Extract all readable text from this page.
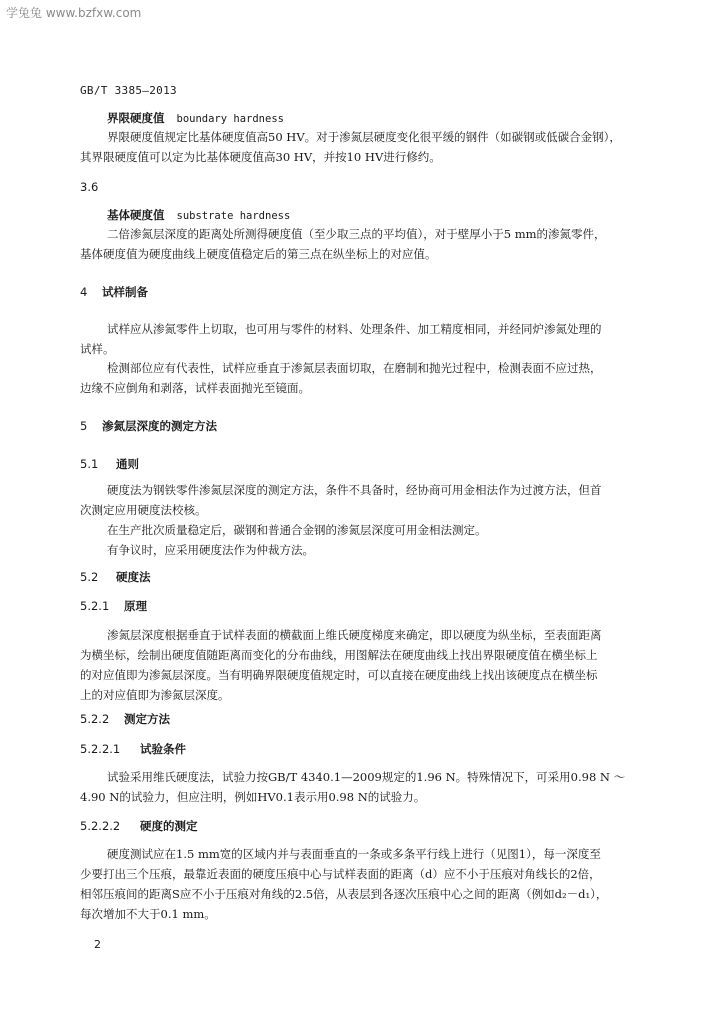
学兔兔 www.bzfxw.com
GB/T 3385—2013
界限硬度值 boundary hardness
界限硬度值规定比基体硬度值高50 HV。对于渗氮层硬度变化很平缓的钢件（如碳钢或低碳合金钢），
其界限硬度值可以定为比基体硬度值高30 HV，并按10 HV进行修约。
3.6
基体硬度值 substrate hardness
二倍渗氮层深度的距离处所测得硬度值（至少取三点的平均值），对于壁厚小于5 mm的渗氮零件，
基体硬度值为硬度曲线上硬度值稳定后的第三点在纵坐标上的对应值。
4 试样制备
试样应从渗氮零件上切取，也可用与零件的材料、处理条件、加工精度相同，并经同炉渗氮处理的
试样。
检测部位应有代表性，试样应垂直于渗氮层表面切取，在磨制和抛光过程中，检测表面不应过热，
边缘不应倒角和剥落，试样表面抛光至镜面。
5 渗氮层深度的测定方法
5.1 通则
硬度法为钢铁零件渗氮层深度的测定方法，条件不具备时，经协商可用金相法作为过渡方法，但首
次测定应用硬度法校核。
在生产批次质量稳定后，碳钢和普通合金钢的渗氮层深度可用金相法测定。
有争议时，应采用硬度法作为仲裁方法。
5.2 硬度法
5.2.1 原理
渗氮层深度根据垂直于试样表面的横截面上维氏硬度梯度来确定，即以硬度为纵坐标，至表面距离
为横坐标，绘制出硬度值随距离而变化的分布曲线，用图解法在硬度曲线上找出界限硬度值在横坐标上
的对应值即为渗氮层深度。当有明确界限硬度值规定时，可以直接在硬度曲线上找出该硬度点在横坐标
上的对应值即为渗氮层深度。
5.2.2 测定方法
5.2.2.1 试验条件
试验采用维氏硬度法，试验力按GB/T 4340.1—2009规定的1.96 N。特殊情况下，可采用0.98 N ～
4.90 N的试验力，但应注明，例如HV0.1表示用0.98 N的试验力。
5.2.2.2 硬度的测定
硬度测试应在1.5 mm宽的区域内并与表面垂直的一条或多条平行线上进行（见图1），每一深度至
少要打出三个压痕，最靠近表面的硬度压痕中心与试样表面的距离（d）应不小于压痕对角线长的2倍，
相邻压痕间的距离S应不小于压痕对角线的2.5倍，从表层到各逐次压痕中心之间的距离（例如d₂－d₁），
每次增加不大于0.1 mm。
2
